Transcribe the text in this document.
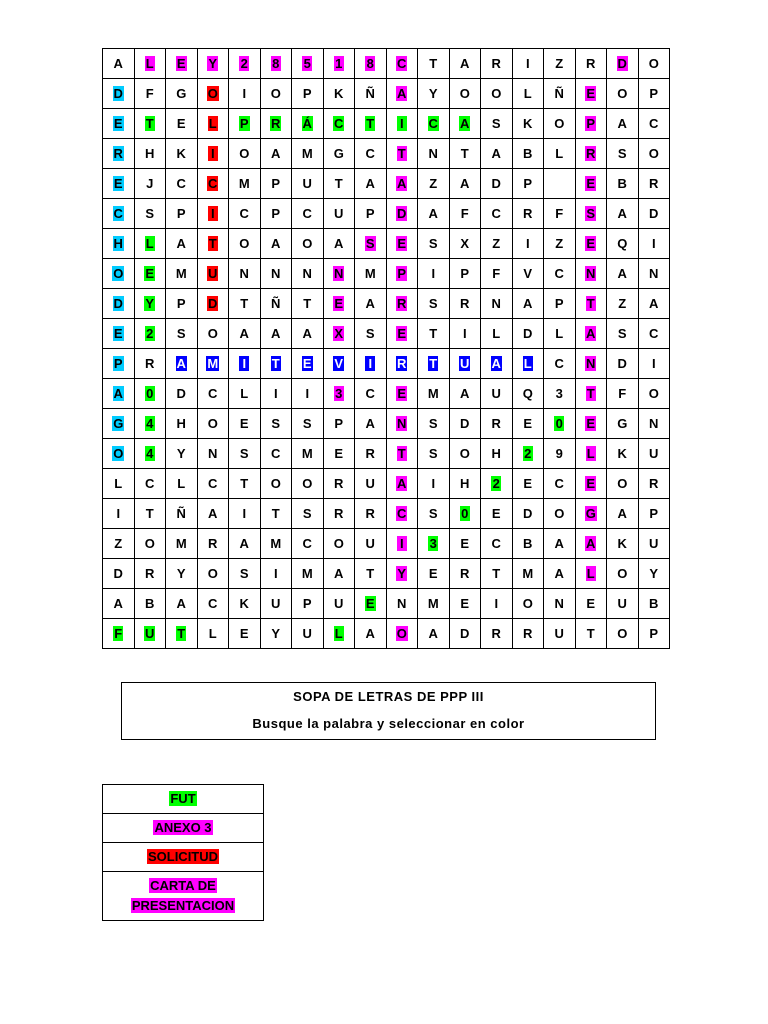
A	L	E	Y	2	8	5	1	8	C	T	A	R	I	Z	R	D	O
D	F	G	O	I	O	P	K	Ñ	A	Y	O	O	L	Ñ	E	O	P
E	T	E	L	P	R	Á	C	T	I	C	A	S	K	O	P	A	C
R	H	K	I	O	A	M	G	C	T	N	T	A	B	L	R	S	O
E	J	C	C	M	P	U	T	A	A	Z	A	D	P		E	B	R
C	S	P	I	C	P	C	U	P	D	A	F	C	R	F	S	A	D
H	L	A	T	O	A	O	A	S	E	S	X	Z	I	Z	E	Q	I
O	E	M	U	N	N	N	N	M	P	I	P	F	V	C	N	A	N
D	Y	P	D	T	Ñ	T	E	A	R	S	R	N	A	P	T	Z	A
E	2	S	O	A	A	A	X	S	E	T	I	L	D	L	A	S	C
P	R	A	M	I	T	E	V	I	R	T	U	A	L	C	N	D	I
A	0	D	C	L	I	I	3	C	E	M	A	U	Q	3	T	F	O
G	4	H	O	E	S	S	P	A	N	S	D	R	E	0	E	G	N
O	4	Y	N	S	C	M	E	R	T	S	O	H	2	9	L	K	U
L	C	L	C	T	O	O	R	U	A	I	H	2	E	C	E	O	R
I	T	Ñ	A	I	T	S	R	R	C	S	0	E	D	O	G	A	P
Z	O	M	R	A	M	C	O	U	I	3	E	C	B	A	A	K	U
D	R	Y	O	S	I	M	A	T	Y	E	R	T	M	A	L	O	Y
A	B	A	C	K	U	P	U	E	N	M	E	I	O	N	E	U	B
F	U	T	L	E	Y	U	L	A	O	A	D	R	R	U	T	O	P
SOPA DE LETRAS DE PPP III
Busque la palabra y seleccionar en color
FUT

ANEXO 3

SOLICITUD

CARTA DE
PRESENTACION
